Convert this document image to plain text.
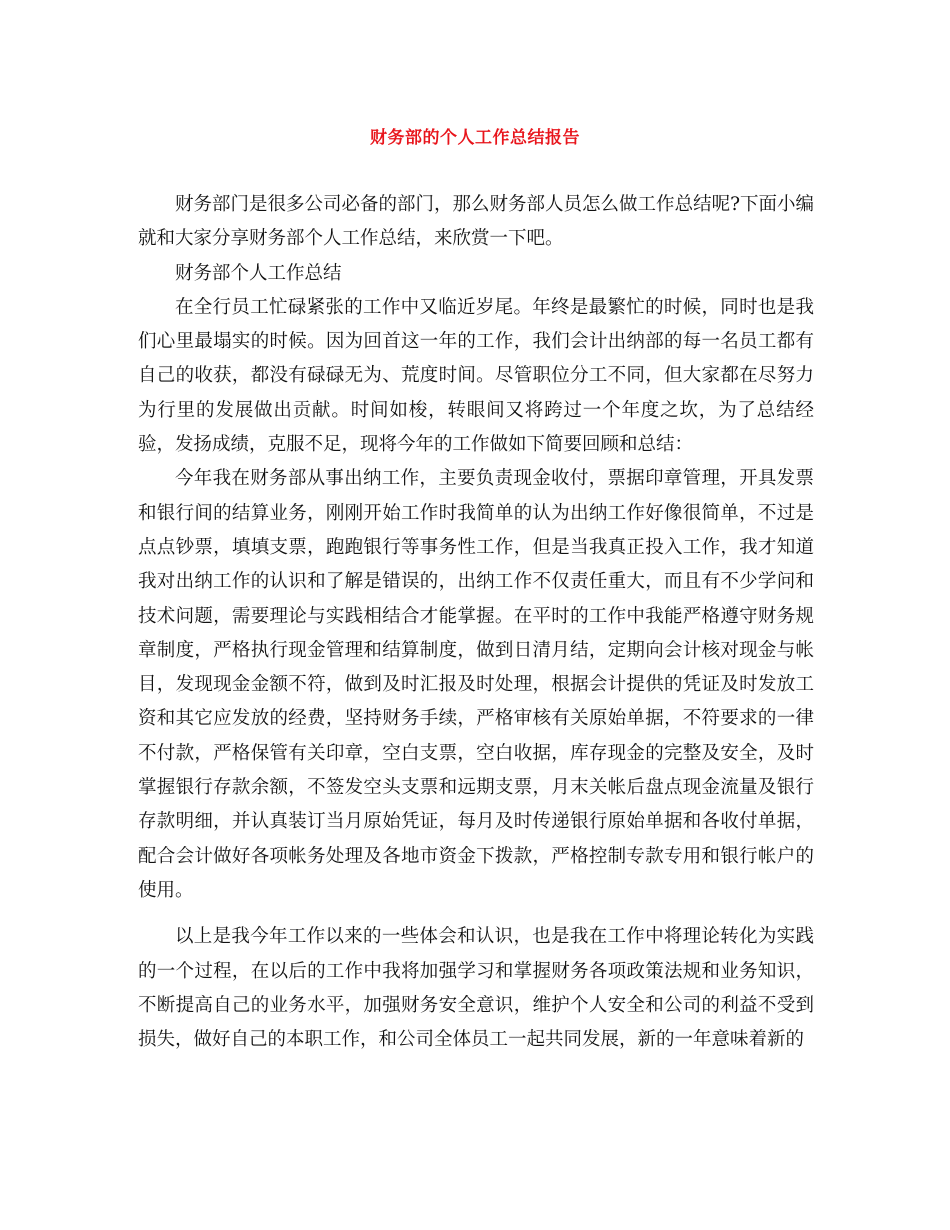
财务部的个人工作总结报告

财务部门是很多公司必备的部门，那么财务部人员怎么做工作总结呢?下面小编就和大家分享财务部个人工作总结，来欣赏一下吧。

财务部个人工作总结

在全行员工忙碌紧张的工作中又临近岁尾。年终是最繁忙的时候，同时也是我们心里最塌实的时候。因为回首这一年的工作，我们会计出纳部的每一名员工都有自己的收获，都没有碌碌无为、荒度时间。尽管职位分工不同，但大家都在尽努力为行里的发展做出贡献。时间如梭，转眼间又将跨过一个年度之坎，为了总结经验，发扬成绩，克服不足，现将今年的工作做如下简要回顾和总结：

今年我在财务部从事出纳工作，主要负责现金收付，票据印章管理，开具发票和银行间的结算业务，刚刚开始工作时我简单的认为出纳工作好像很简单，不过是点点钞票，填填支票，跑跑银行等事务性工作，但是当我真正投入工作，我才知道我对出纳工作的认识和了解是错误的，出纳工作不仅责任重大，而且有不少学问和技术问题，需要理论与实践相结合才能掌握。在平时的工作中我能严格遵守财务规章制度，严格执行现金管理和结算制度，做到日清月结，定期向会计核对现金与帐目，发现现金金额不符，做到及时汇报及时处理，根据会计提供的凭证及时发放工资和其它应发放的经费，坚持财务手续，严格审核有关原始单据，不符要求的一律不付款，严格保管有关印章，空白支票，空白收据，库存现金的完整及安全，及时掌握银行存款余额，不签发空头支票和远期支票，月末关帐后盘点现金流量及银行存款明细，并认真装订当月原始凭证，每月及时传递银行原始单据和各收付单据，配合会计做好各项帐务处理及各地市资金下拨款，严格控制专款专用和银行帐户的使用。

以上是我今年工作以来的一些体会和认识，也是我在工作中将理论转化为实践的一个过程，在以后的工作中我将加强学习和掌握财务各项政策法规和业务知识，不断提高自己的业务水平，加强财务安全意识，维护个人安全和公司的利益不受到损失，做好自己的本职工作，和公司全体员工一起共同发展，新的一年意味着新的
